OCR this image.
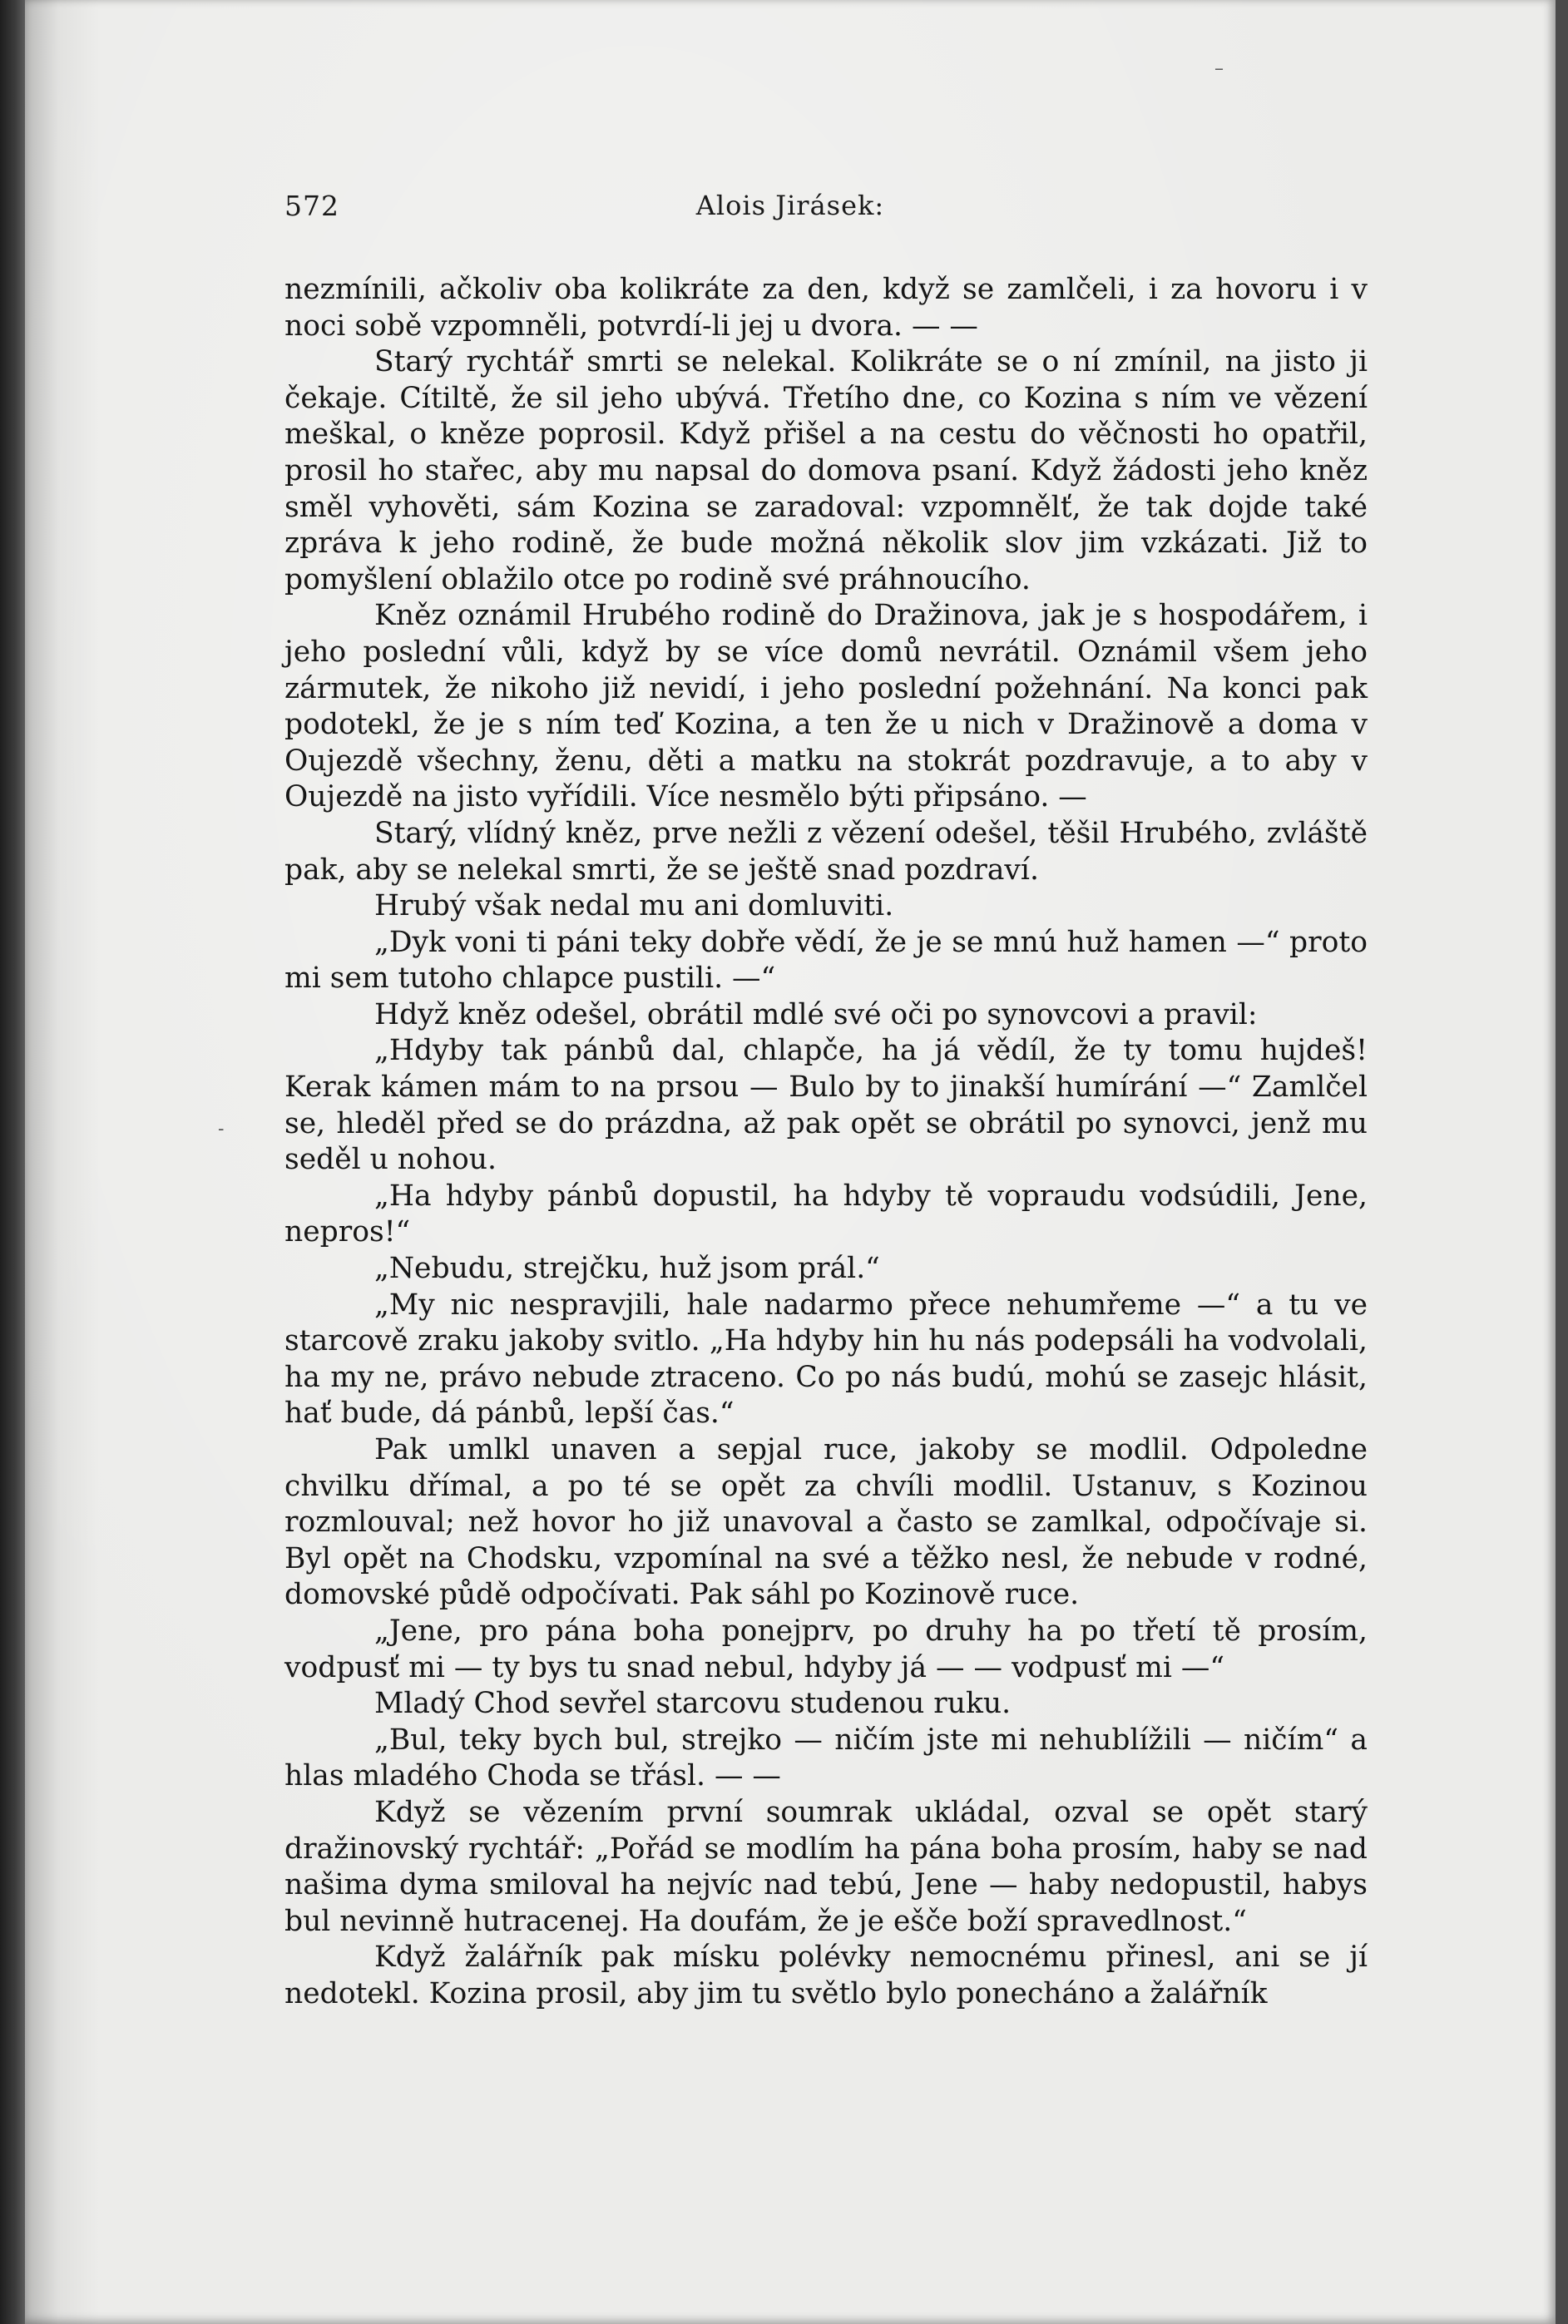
572	Alois Jirásek:

nezmínili, ačkoliv oba kolikráte za den, když se zamlčeli, i za hovoru i v noci sobě vzpomněli, potvrdí-li jej u dvora. — —

Starý rychtář smrti se nelekal. Kolikráte se o ní zmínil, na jisto ji čekaje. Cítiltě, že sil jeho ubývá. Třetího dne, co Kozina s ním ve vězení meškal, o kněze poprosil. Když přišel a na cestu do věčnosti ho opatřil, prosil ho stařec, aby mu napsal do domova psaní. Když žádosti jeho kněz směl vyhověti, sám Kozina se zaradoval: vzpomnělť, že tak dojde také zpráva k jeho rodině, že bude možná několik slov jim vzkázati. Již to pomyšlení oblažilo otce po rodině své práhnoucího.

Kněz oznámil Hrubého rodině do Dražinova, jak je s hospodářem, i jeho poslední vůli, když by se více domů nevrátil. Oznámil všem jeho zármutek, že nikoho již nevidí, i jeho poslední požehnání. Na konci pak podotekl, že je s ním teď Kozina, a ten že u nich v Dražinově a doma v Oujezdě všechny, ženu, děti a matku na stokrát pozdravuje, a to aby v Oujezdě na jisto vyřídili. Více nesmělo býti připsáno. —

Starý, vlídný kněz, prve nežli z vězení odešel, těšil Hrubého, zvláště pak, aby se nelekal smrti, že se ještě snad pozdraví.

Hrubý však nedal mu ani domluviti.

„Dyk voni ti páni teky dobře vědí, že je se mnú huž hamen —“ proto mi sem tutoho chlapce pustili. —“

Hdyž kněz odešel, obrátil mdlé své oči po synovcovi a pravil:

„Hdyby tak pánbů dal, chlapče, ha já vědíl, že ty tomu hujdeš! Kerak kámen mám to na prsou — Bulo by to jinakší humírání —“ Zamlčel se, hleděl před se do prázdna, až pak opět se obrátil po synovci, jenž mu seděl u nohou.

„Ha hdyby pánbů dopustil, ha hdyby tě vopraudu vodsúdili, Jene, nepros!“

„Nebudu, strejčku, huž jsom prál.“

„My nic nespravjili, hale nadarmo přece nehumřeme —“ a tu ve starcově zraku jakoby svitlo. „Ha hdyby hin hu nás podepsáli ha vodvolali, ha my ne, právo nebude ztraceno. Co po nás budú, mohú se zasejc hlásit, hať bude, dá pánbů, lepší čas.“

Pak umlkl unaven a sepjal ruce, jakoby se modlil. Odpoledne chvilku dřímal, a po té se opět za chvíli modlil. Ustanuv, s Kozinou rozmlouval; než hovor ho již unavoval a často se zamlkal, odpočívaje si. Byl opět na Chodsku, vzpomínal na své a těžko nesl, že nebude v rodné, domovské půdě odpočívati. Pak sáhl po Kozinově ruce.

„Jene, pro pána boha ponejprv, po druhy ha po třetí tě prosím, vodpusť mi — ty bys tu snad nebul, hdyby já — — vodpusť mi —“

Mladý Chod sevřel starcovu studenou ruku.

„Bul, teky bych bul, strejko — ničím jste mi nehublížili — ničím“ a hlas mladého Choda se třásl. — —

Když se vězením první soumrak ukládal, ozval se opět starý dražinovský rychtář: „Pořád se modlím ha pána boha prosím, haby se nad našima dyma smiloval ha nejvíc nad tebú, Jene — haby nedopustil, habys bul nevinně hutracenej. Ha doufám, že je ešče boží spravedlnost.“

Když žalářník pak mísku polévky nemocnému přinesl, ani se jí nedotekl. Kozina prosil, aby jim tu světlo bylo ponecháno a žalářník

-
–
